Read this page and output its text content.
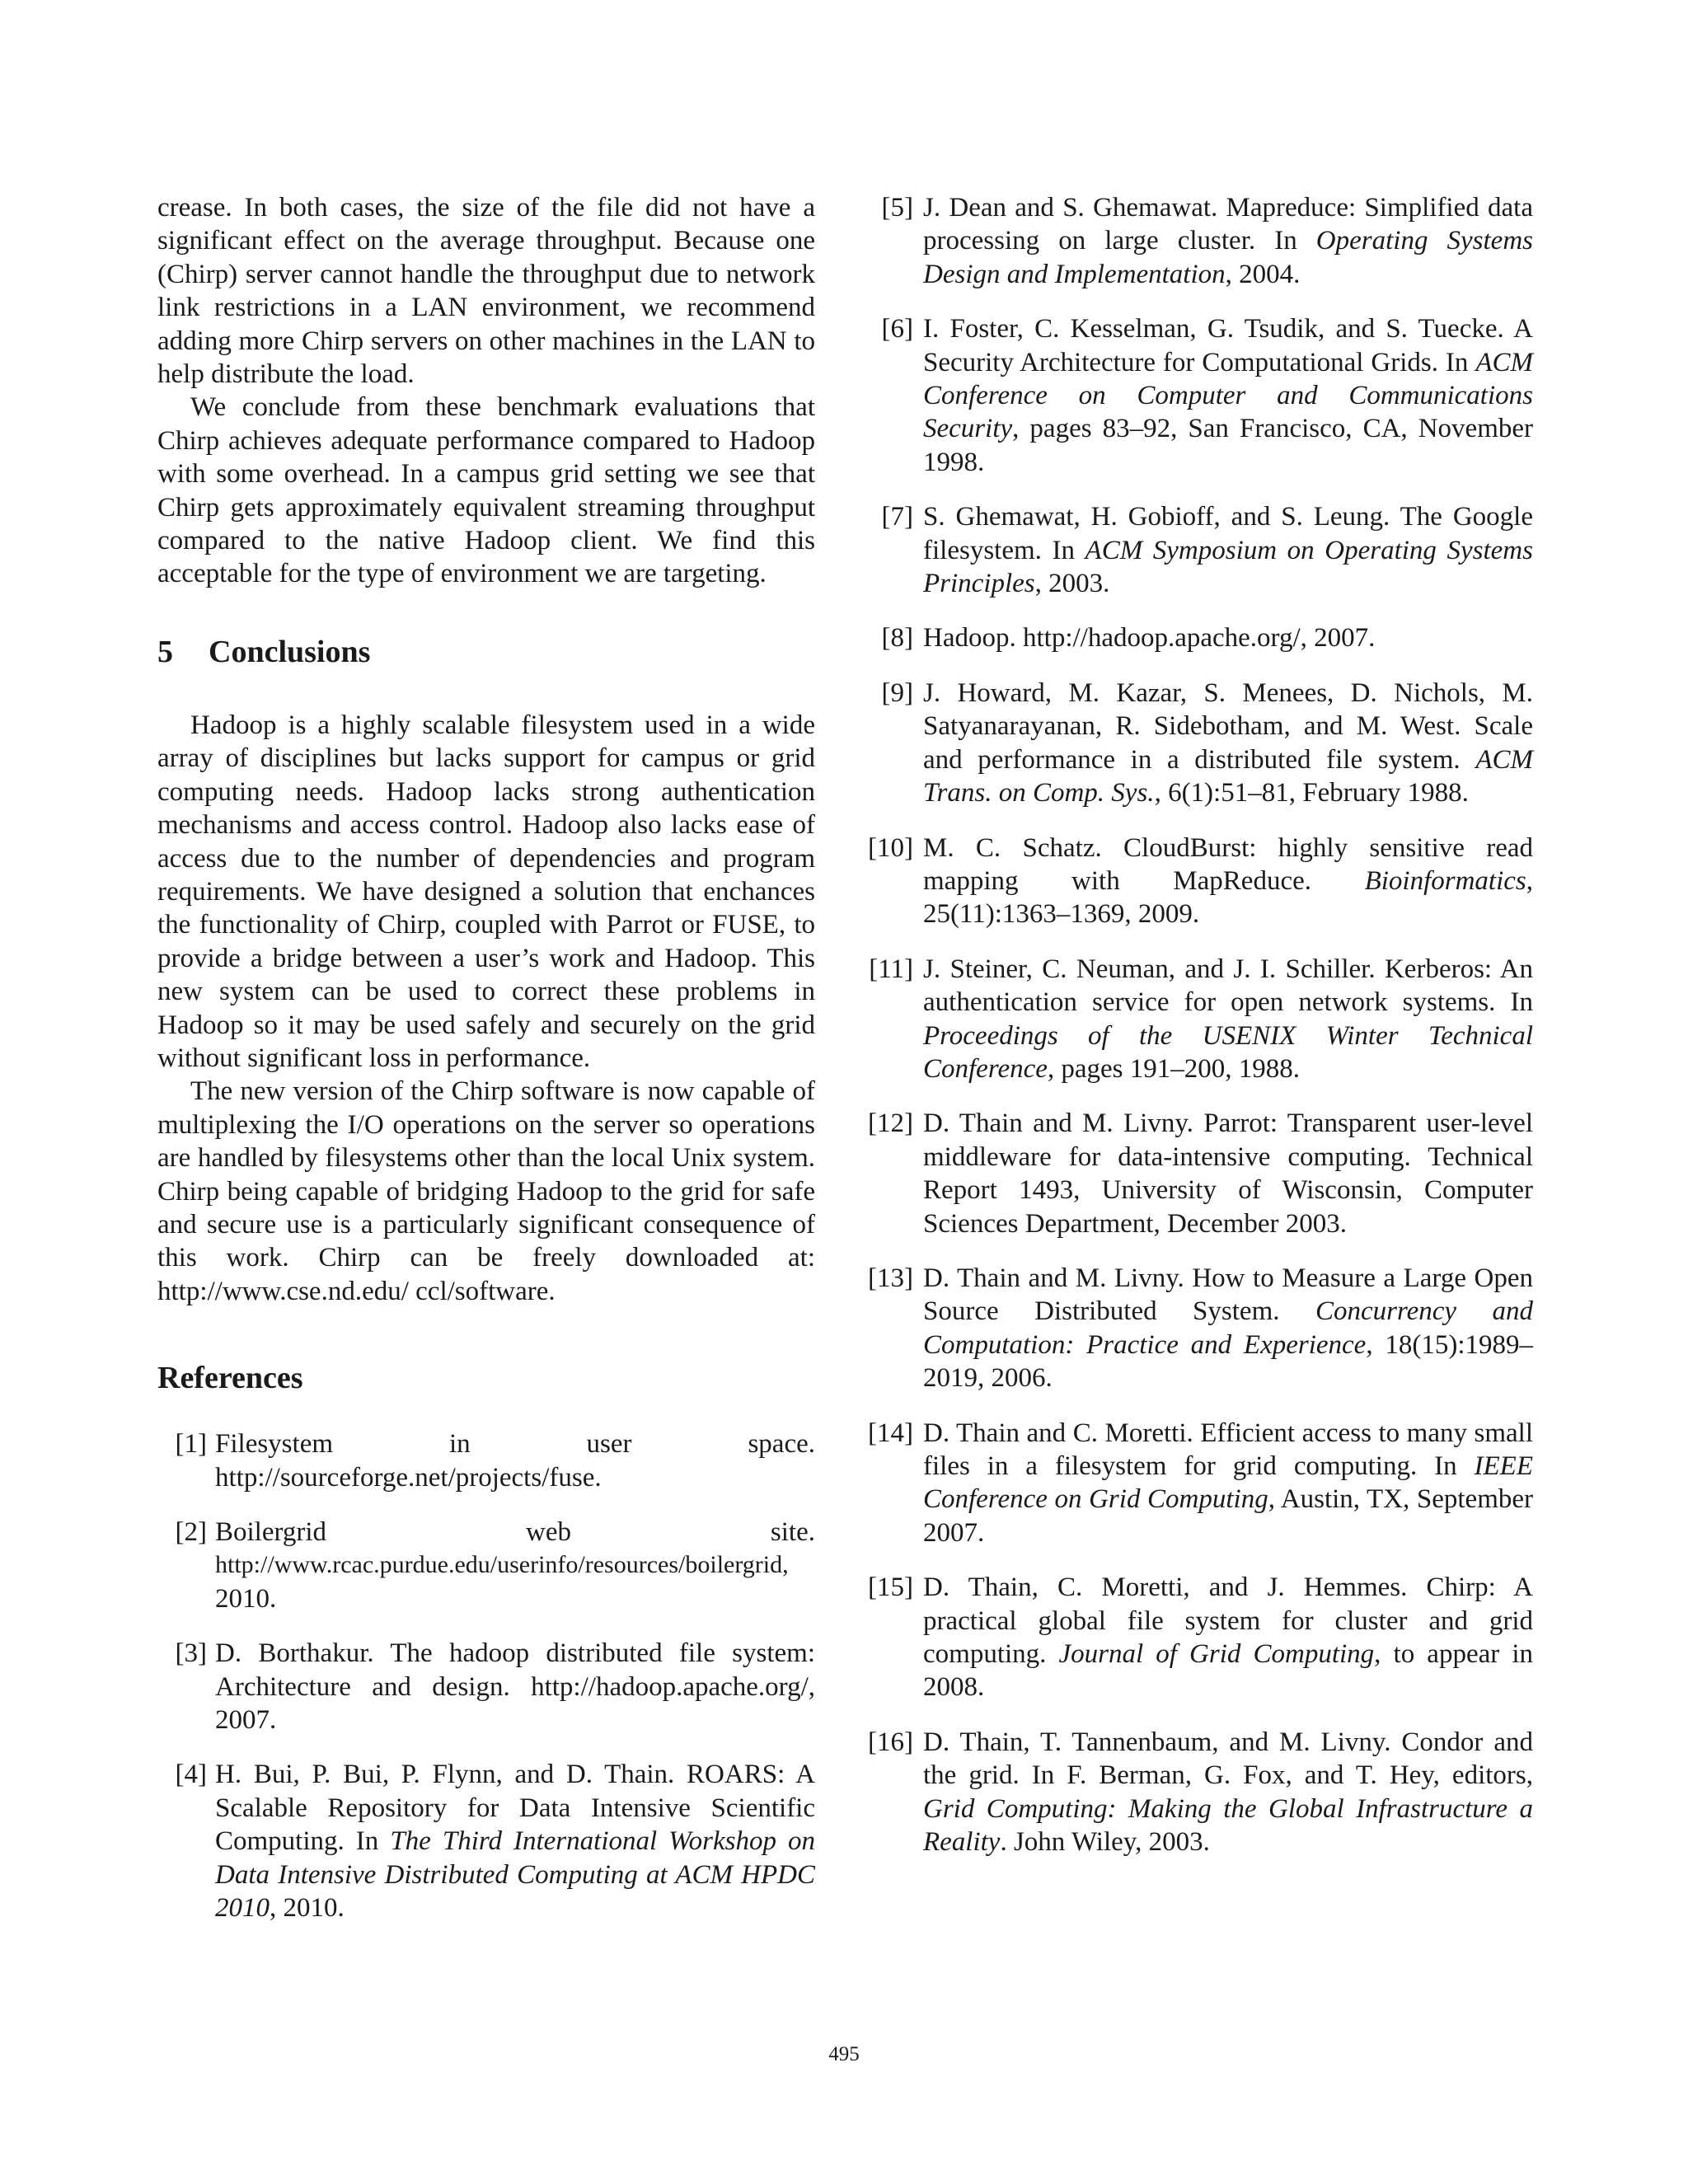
crease. In both cases, the size of the file did not have a significant effect on the average throughput. Because one (Chirp) server cannot handle the throughput due to network link restrictions in a LAN environment, we recommend adding more Chirp servers on other machines in the LAN to help distribute the load.

We conclude from these benchmark evaluations that Chirp achieves adequate performance compared to Hadoop with some overhead. In a campus grid setting we see that Chirp gets approximately equivalent streaming throughput compared to the native Hadoop client. We find this acceptable for the type of environment we are targeting.

5 Conclusions

Hadoop is a highly scalable filesystem used in a wide array of disciplines but lacks support for campus or grid computing needs. Hadoop lacks strong authentication mechanisms and access control. Hadoop also lacks ease of access due to the number of dependencies and program requirements. We have designed a solution that enchances the functionality of Chirp, coupled with Parrot or FUSE, to provide a bridge between a user’s work and Hadoop. This new system can be used to correct these problems in Hadoop so it may be used safely and securely on the grid without significant loss in performance.

The new version of the Chirp software is now capable of multiplexing the I/O operations on the server so operations are handled by filesystems other than the local Unix system. Chirp being capable of bridging Hadoop to the grid for safe and secure use is a particularly significant consequence of this work. Chirp can be freely downloaded at: http://www.cse.nd.edu/ ccl/software.

References
[1] Filesystem in user space.
http://sourceforge.net/projects/fuse.
[2] Boilergrid web site.
http://www.rcac.purdue.edu/userinfo/resources/boilergrid,
2010.
[3] D. Borthakur. The hadoop distributed file system: Architecture and design. http://hadoop.apache.org/, 2007.
[4] H. Bui, P. Bui, P. Flynn, and D. Thain. ROARS: A Scalable Repository for Data Intensive Scientific Computing. In The Third International Workshop on Data Intensive Distributed Computing at ACM HPDC 2010, 2010.
[5] J. Dean and S. Ghemawat. Mapreduce: Simplified data processing on large cluster. In Operating Systems Design and Implementation, 2004.
[6] I. Foster, C. Kesselman, G. Tsudik, and S. Tuecke. A Security Architecture for Computational Grids. In ACM Conference on Computer and Communications Security, pages 83–92, San Francisco, CA, November 1998.
[7] S. Ghemawat, H. Gobioff, and S. Leung. The Google filesystem. In ACM Symposium on Operating Systems Principles, 2003.
[8] Hadoop. http://hadoop.apache.org/, 2007.
[9] J. Howard, M. Kazar, S. Menees, D. Nichols, M. Satyanarayanan, R. Sidebotham, and M. West. Scale and performance in a distributed file system. ACM Trans. on Comp. Sys., 6(1):51–81, February 1988.
[10] M. C. Schatz. CloudBurst: highly sensitive read mapping with MapReduce. Bioinformatics, 25(11):1363–1369, 2009.
[11] J. Steiner, C. Neuman, and J. I. Schiller. Kerberos: An authentication service for open network systems. In Proceedings of the USENIX Winter Technical Conference, pages 191–200, 1988.
[12] D. Thain and M. Livny. Parrot: Transparent user-level middleware for data-intensive computing. Technical Report 1493, University of Wisconsin, Computer Sciences Department, December 2003.
[13] D. Thain and M. Livny. How to Measure a Large Open Source Distributed System. Concurrency and Computation: Practice and Experience, 18(15):1989–2019, 2006.
[14] D. Thain and C. Moretti. Efficient access to many small files in a filesystem for grid computing. In IEEE Conference on Grid Computing, Austin, TX, September 2007.
[15] D. Thain, C. Moretti, and J. Hemmes. Chirp: A practical global file system for cluster and grid computing. Journal of Grid Computing, to appear in 2008.
[16] D. Thain, T. Tannenbaum, and M. Livny. Condor and the grid. In F. Berman, G. Fox, and T. Hey, editors, Grid Computing: Making the Global Infrastructure a Reality. John Wiley, 2003.
495
